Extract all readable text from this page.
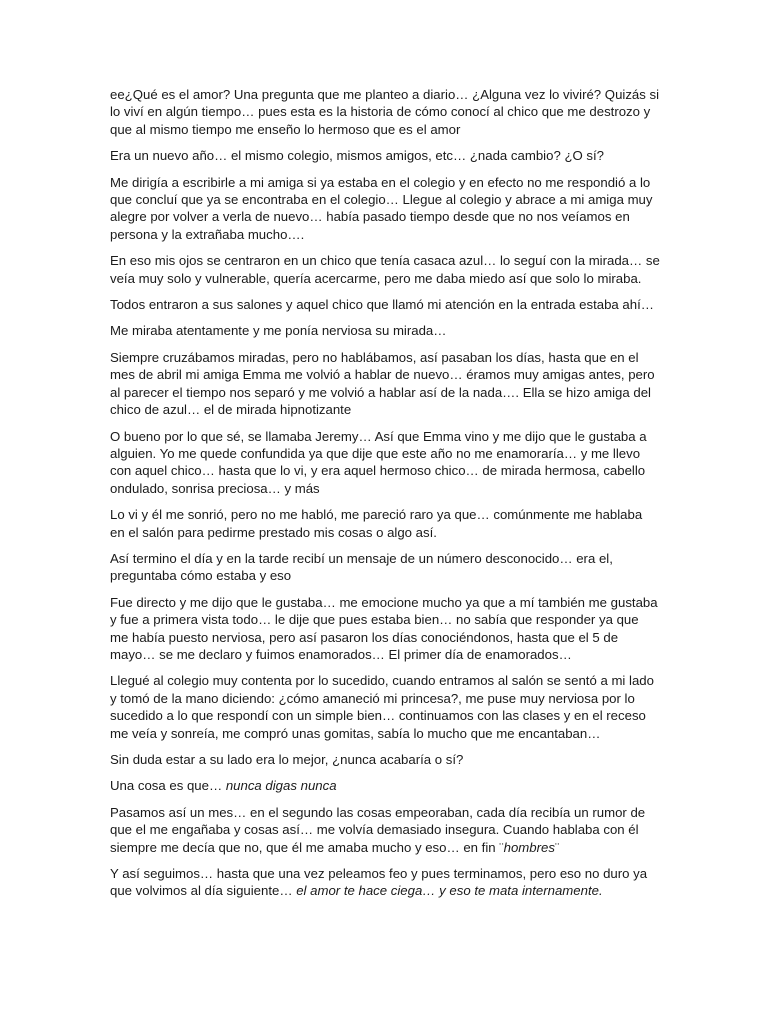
ee¿Qué es el amor? Una pregunta que me planteo a diario… ¿Alguna vez lo viviré? Quizás si lo viví en algún tiempo… pues esta es la historia de cómo conocí al chico que me destrozo y que al mismo tiempo me enseño lo hermoso que es el amor

Era un nuevo año… el mismo colegio, mismos amigos, etc… ¿nada cambio? ¿O sí?

Me dirigía a escribirle a mi amiga si ya estaba en el colegio y en efecto no me respondió a lo que concluí que ya se encontraba en el colegio… Llegue al colegio y abrace a mi amiga muy alegre por volver a verla de nuevo… había pasado tiempo desde que no nos veíamos en persona y la extrañaba mucho….

En eso mis ojos se centraron en un chico que tenía casaca azul… lo seguí con la mirada… se veía muy solo y vulnerable, quería acercarme, pero me daba miedo así que solo lo miraba.

Todos entraron a sus salones y aquel chico que llamó mi atención en la entrada estaba ahí…

Me miraba atentamente y me ponía nerviosa su mirada…

Siempre cruzábamos miradas, pero no hablábamos, así pasaban los días, hasta que en el mes de abril mi amiga Emma me volvió a hablar de nuevo… éramos muy amigas antes, pero al parecer el tiempo nos separó y me volvió a hablar así de la nada…. Ella se hizo amiga del chico de azul… el de mirada hipnotizante

O bueno por lo que sé, se llamaba Jeremy… Así que Emma vino y me dijo que le gustaba a alguien. Yo me quede confundida ya que dije que este año no me enamoraría… y me llevo con aquel chico… hasta que lo vi, y era aquel hermoso chico… de mirada hermosa, cabello ondulado, sonrisa preciosa… y más

Lo vi y él me sonrió, pero no me habló, me pareció raro ya que… comúnmente me hablaba en el salón para pedirme prestado mis cosas o algo así.

Así termino el día y en la tarde recibí un mensaje de un número desconocido… era el, preguntaba cómo estaba y eso

Fue directo y me dijo que le gustaba… me emocione mucho ya que a mí también me gustaba y fue a primera vista todo… le dije que pues estaba bien… no sabía que responder ya que me había puesto nerviosa, pero así pasaron los días conociéndonos, hasta que el 5 de mayo… se me declaro y fuimos enamorados… El primer día de enamorados…

Llegué al colegio muy contenta por lo sucedido, cuando entramos al salón se sentó a mi lado y tomó de la mano diciendo: ¿cómo amaneció mi princesa?, me puse muy nerviosa por lo sucedido a lo que respondí con un simple bien… continuamos con las clases y en el receso me veía y sonreía, me compró unas gomitas, sabía lo mucho que me encantaban…

Sin duda estar a su lado era lo mejor, ¿nunca acabaría o sí?

Una cosa es que… nunca digas nunca

Pasamos así un mes… en el segundo las cosas empeoraban, cada día recibía un rumor de que el me engañaba y cosas así… me volvía demasiado insegura. Cuando hablaba con él siempre me decía que no, que él me amaba mucho y eso… en fin ¨hombres¨

Y así seguimos… hasta que una vez peleamos feo y pues terminamos, pero eso no duro ya que volvimos al día siguiente… el amor te hace ciega… y eso te mata internamente.
